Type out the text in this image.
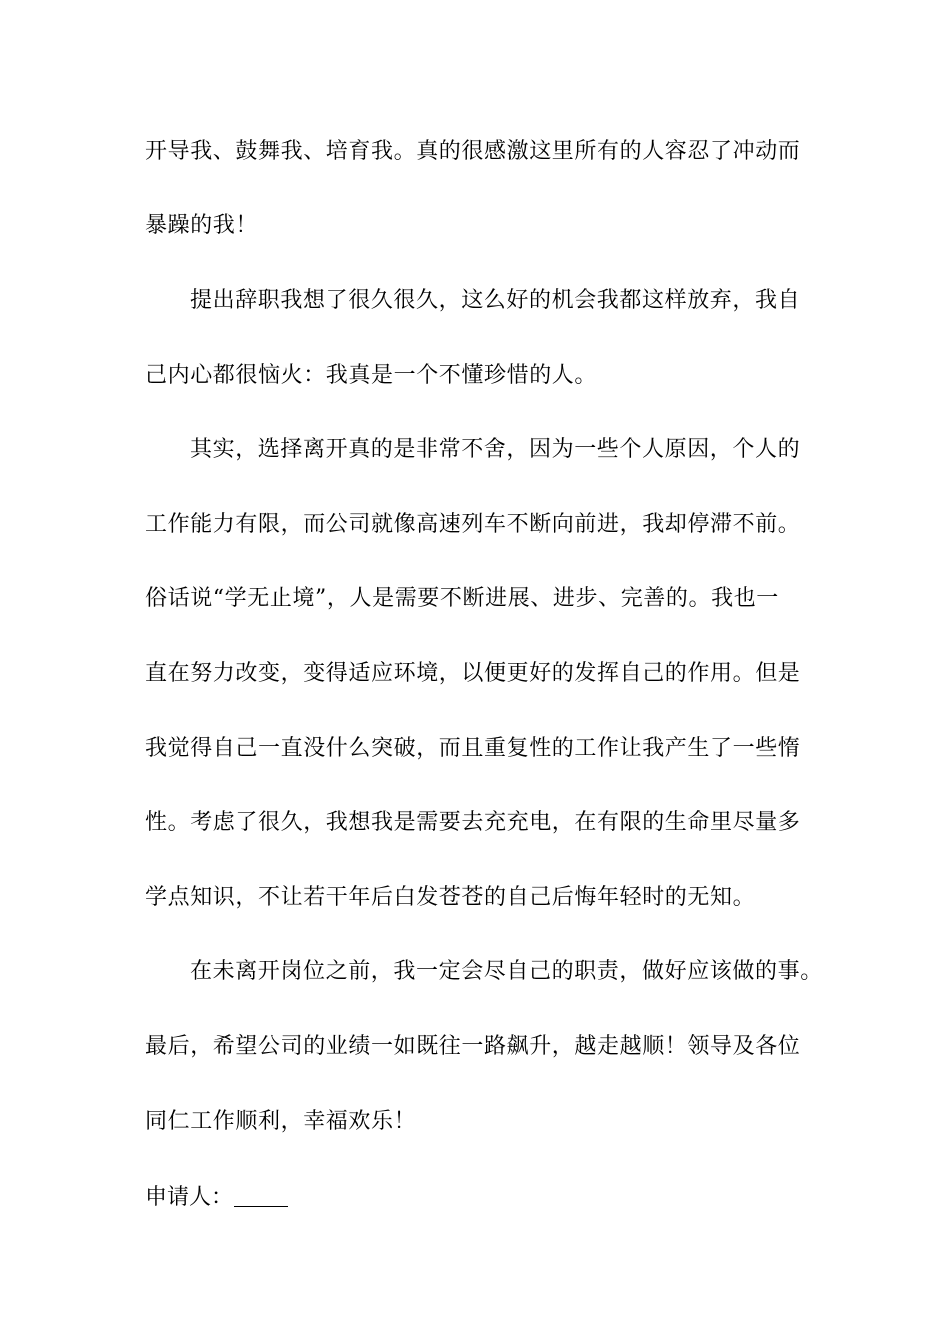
开导我、鼓舞我、培育我。真的很感激这里所有的人容忍了冲动而
暴躁的我！
提出辞职我想了很久很久，这么好的机会我都这样放弃，我自
己内心都很恼火：我真是一个不懂珍惜的人。
其实，选择离开真的是非常不舍，因为一些个人原因，个人的
工作能力有限，而公司就像高速列车不断向前进，我却停滞不前。
俗话说“学无止境”，人是需要不断进展、进步、完善的。我也一
直在努力改变，变得适应环境，以便更好的发挥自己的作用。但是
我觉得自己一直没什么突破，而且重复性的工作让我产生了一些惰
性。考虑了很久，我想我是需要去充充电，在有限的生命里尽量多
学点知识，不让若干年后白发苍苍的自己后悔年轻时的无知。
在未离开岗位之前，我一定会尽自己的职责，做好应该做的事。
最后，希望公司的业绩一如既往一路飙升，越走越顺！领导及各位
同仁工作顺利，幸福欢乐！
申请人：
